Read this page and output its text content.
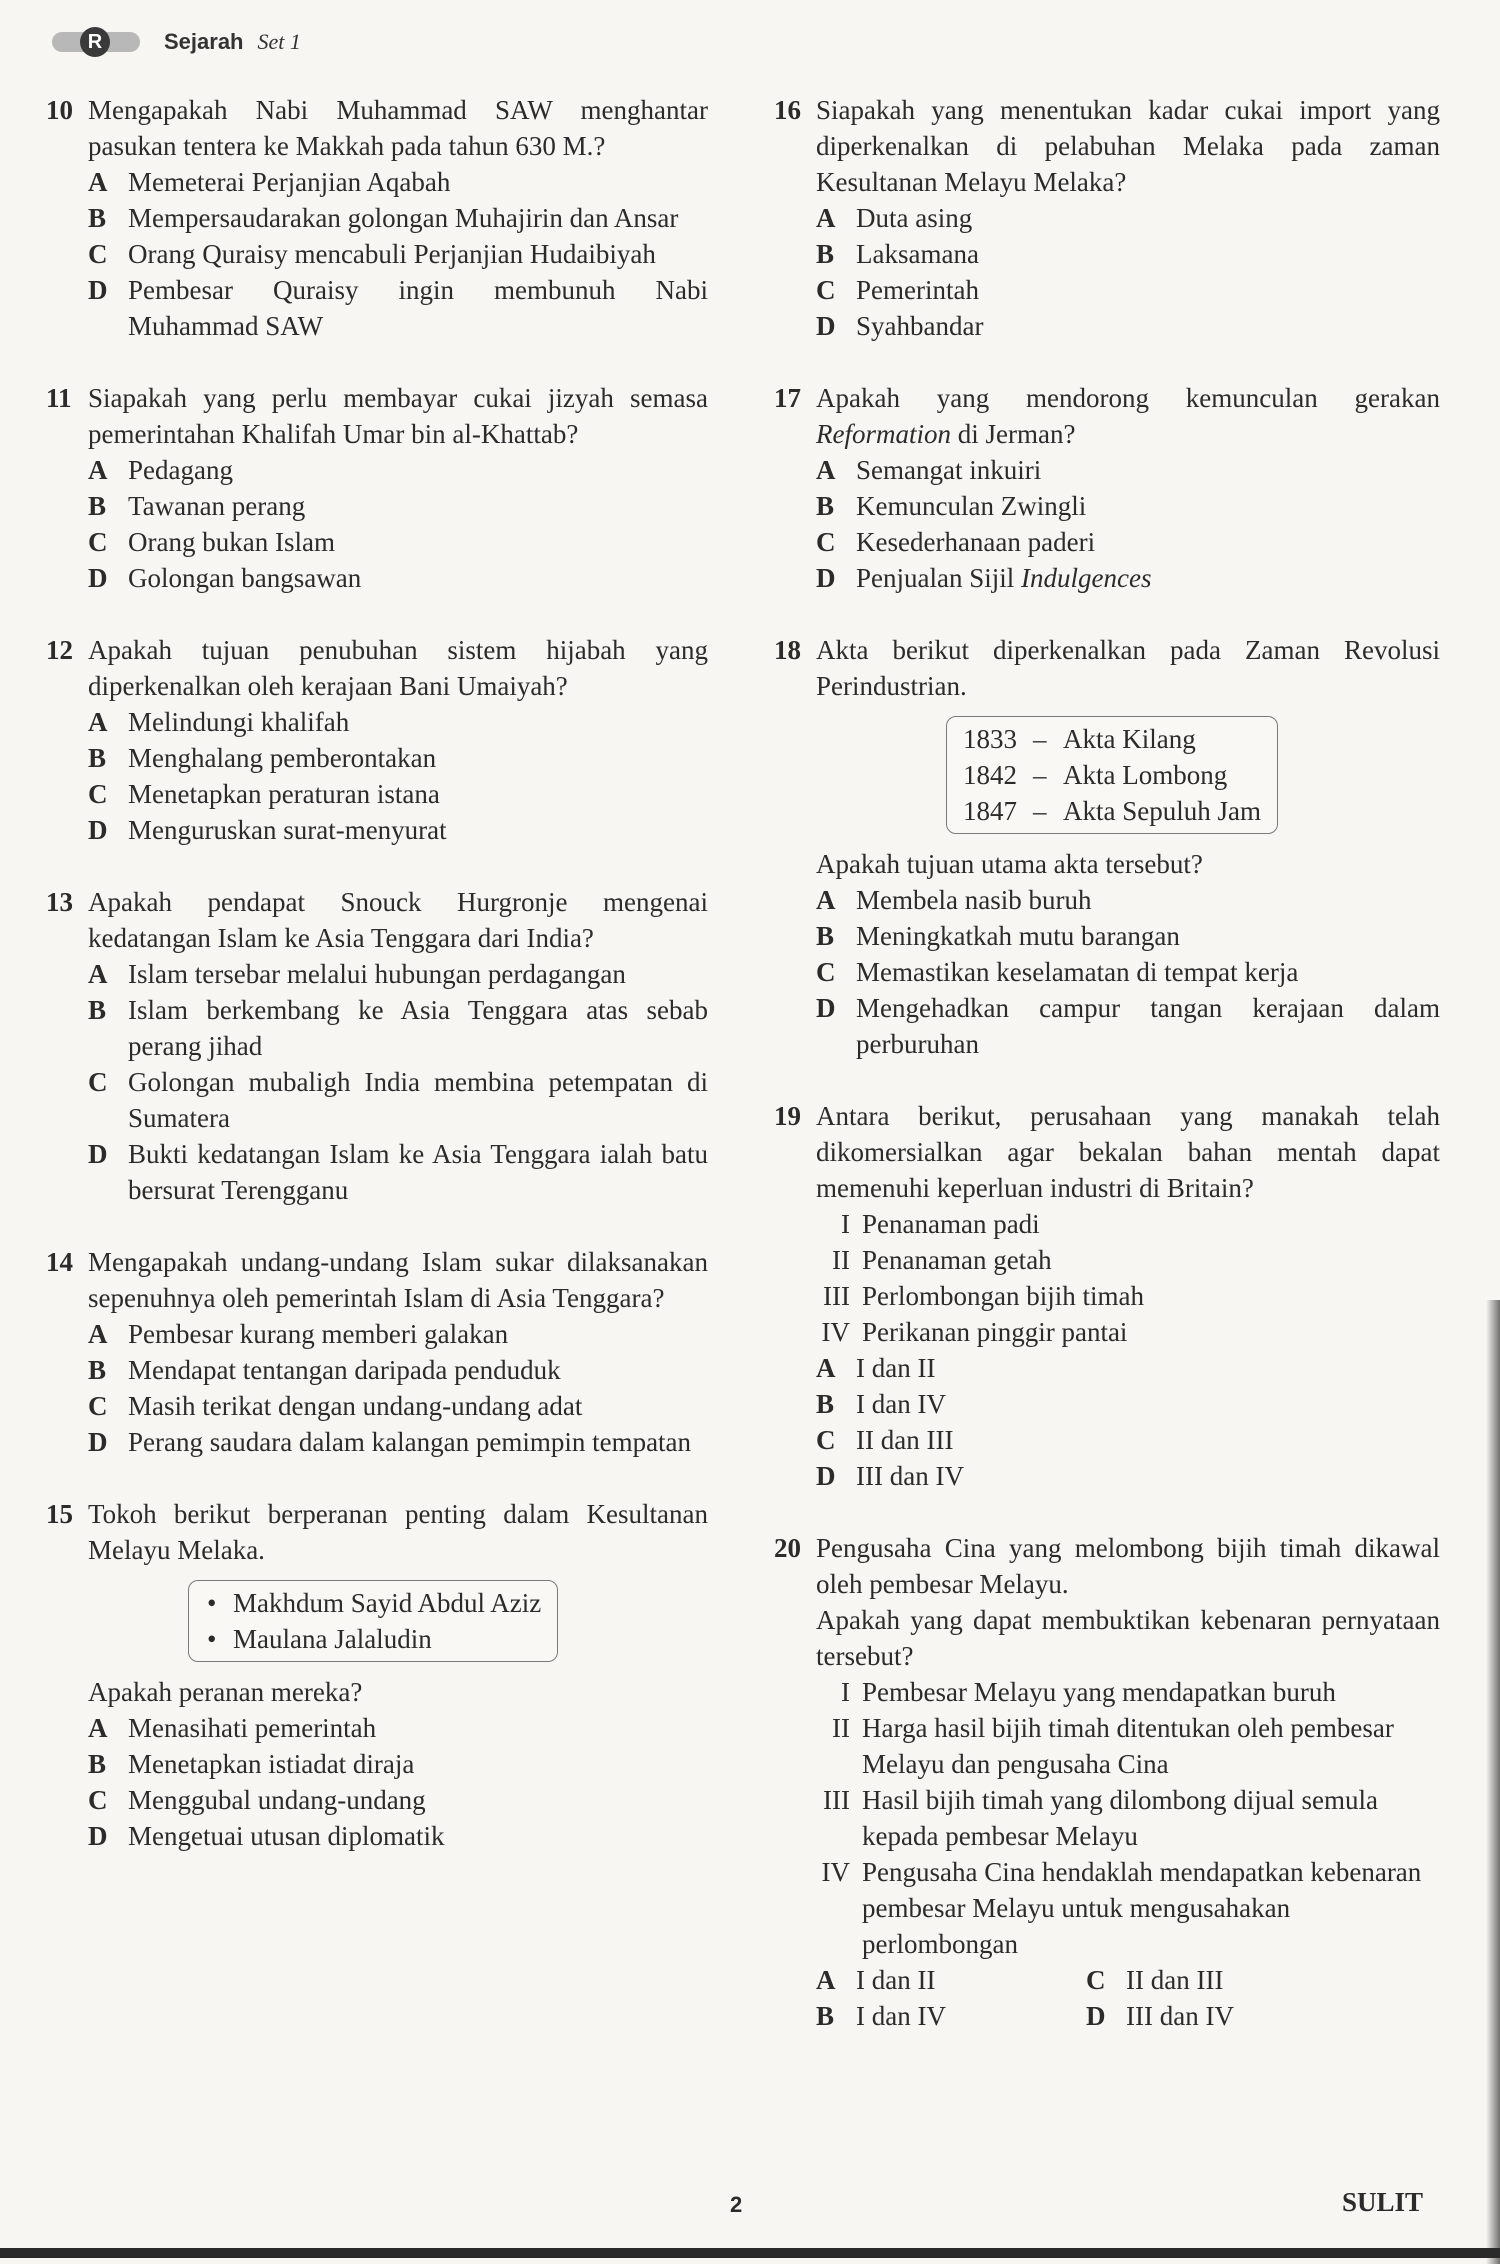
R	Sejarah Set 1
10 Mengapakah Nabi Muhammad SAW menghantar pasukan tentera ke Makkah pada tahun 630 M.?
A Memeterai Perjanjian Aqabah
B Mempersaudarakan golongan Muhajirin dan Ansar
C Orang Quraisy mencabuli Perjanjian Hudaibiyah
D Pembesar Quraisy ingin membunuh Nabi Muhammad SAW
11 Siapakah yang perlu membayar cukai jizyah semasa pemerintahan Khalifah Umar bin al-Khattab?
A Pedagang
B Tawanan perang
C Orang bukan Islam
D Golongan bangsawan
12 Apakah tujuan penubuhan sistem hijabah yang diperkenalkan oleh kerajaan Bani Umaiyah?
A Melindungi khalifah
B Menghalang pemberontakan
C Menetapkan peraturan istana
D Menguruskan surat-menyurat
13 Apakah pendapat Snouck Hurgronje mengenai kedatangan Islam ke Asia Tenggara dari India?
A Islam tersebar melalui hubungan perdagangan
B Islam berkembang ke Asia Tenggara atas sebab perang jihad
C Golongan mubaligh India membina petempatan di Sumatera
D Bukti kedatangan Islam ke Asia Tenggara ialah batu bersurat Terengganu
14 Mengapakah undang-undang Islam sukar dilaksanakan sepenuhnya oleh pemerintah Islam di Asia Tenggara?
A Pembesar kurang memberi galakan
B Mendapat tentangan daripada penduduk
C Masih terikat dengan undang-undang adat
D Perang saudara dalam kalangan pemimpin tempatan
15 Tokoh berikut berperanan penting dalam Kesultanan Melayu Melaka.
• Makhdum Sayid Abdul Aziz
• Maulana Jalaludin
Apakah peranan mereka?
A Menasihati pemerintah
B Menetapkan istiadat diraja
C Menggubal undang-undang
D Mengetuai utusan diplomatik
16 Siapakah yang menentukan kadar cukai import yang diperkenalkan di pelabuhan Melaka pada zaman Kesultanan Melayu Melaka?
A Duta asing
B Laksamana
C Pemerintah
D Syahbandar
17 Apakah yang mendorong kemunculan gerakan Reformation di Jerman?
A Semangat inkuiri
B Kemunculan Zwingli
C Kesederhanaan paderi
D Penjualan Sijil Indulgences
18 Akta berikut diperkenalkan pada Zaman Revolusi Perindustrian.
1833 – Akta Kilang
1842 – Akta Lombong
1847 – Akta Sepuluh Jam
Apakah tujuan utama akta tersebut?
A Membela nasib buruh
B Meningkatkah mutu barangan
C Memastikan keselamatan di tempat kerja
D Mengehadkan campur tangan kerajaan dalam perburuhan
19 Antara berikut, perusahaan yang manakah telah dikomersialkan agar bekalan bahan mentah dapat memenuhi keperluan industri di Britain?
I Penanaman padi
II Penanaman getah
III Perlombongan bijih timah
IV Perikanan pinggir pantai
A I dan II
B I dan IV
C II dan III
D III dan IV
20 Pengusaha Cina yang melombong bijih timah dikawal oleh pembesar Melayu.
Apakah yang dapat membuktikan kebenaran pernyataan tersebut?
I Pembesar Melayu yang mendapatkan buruh
II Harga hasil bijih timah ditentukan oleh pembesar Melayu dan pengusaha Cina
III Hasil bijih timah yang dilombong dijual semula kepada pembesar Melayu
IV Pengusaha Cina hendaklah mendapatkan kebenaran pembesar Melayu untuk mengusahakan perlombongan
A I dan II	C II dan III
B I dan IV	D III dan IV
2	SULIT
